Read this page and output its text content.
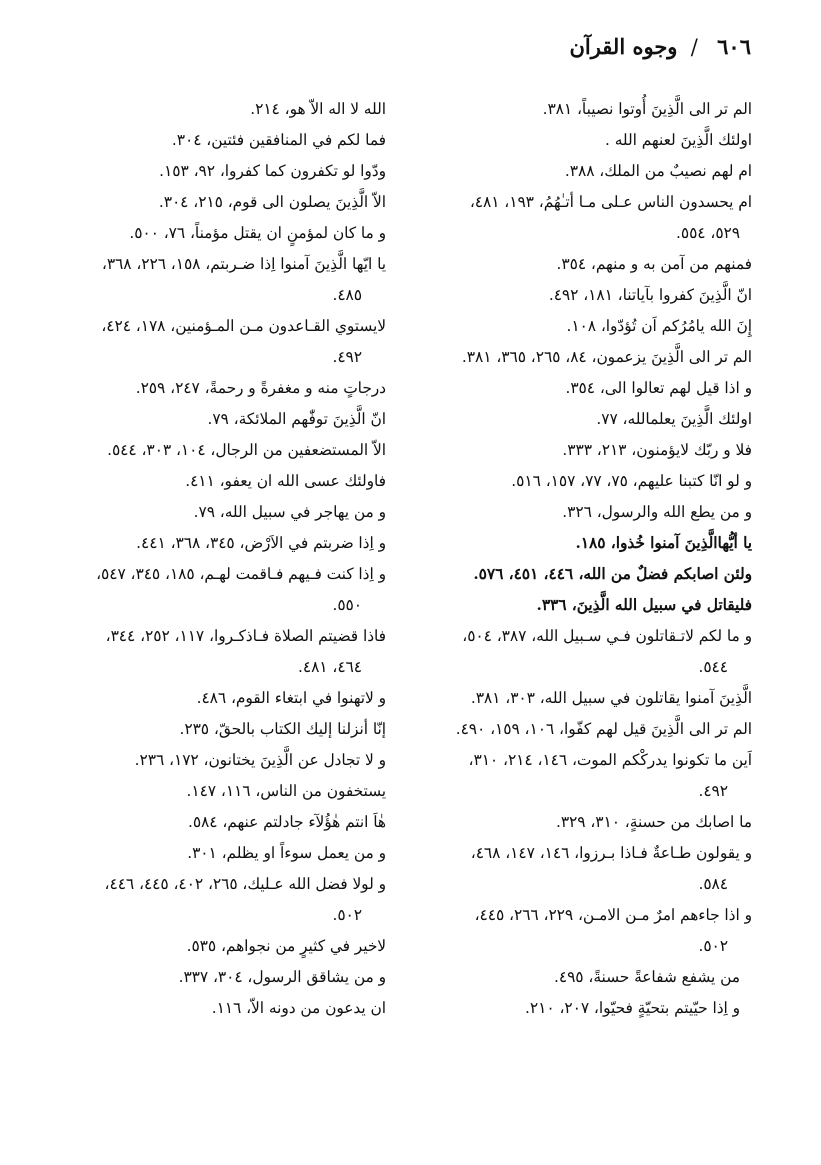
٦٠٦ / وجوه القرآن
الم تر الى الَّذِينَ أُوتوا نصيباً، ٣٨١.
اولئك الَّذِينَ لعنهم الله .
ام لهم نصيبٌ من الملك، ٣٨٨.
ام يحسدون الناس عـلى مـا أتـٰهُمُ، ١٩٣، ٤٨١،
٥٢٩، ٥٥٤.
فمنهم من آمن به و منهم، ٣٥٤.
انّ الَّذِينَ كفروا بآياتنا، ١٨١، ٤٩٢.
إِنَ الله يامُرُكم اَن تُؤدّوا، ١٠٨.
الم تر الى الَّذِينَ يزعمون، ٨٤، ٢٦٥، ٣٦٥، ٣٨١.
و اذا قيل لهم تعالوا الى، ٣٥٤.
اولئك الَّذِينَ يعلمالله، ٧٧.
فلا و ربّك لايؤمنون، ٢١٣، ٣٣٣.
و لو انّا كتبنا عليهم، ٧٥، ٧٧، ١٥٧، ٥١٦.
و من يطع الله والرسول، ٣٢٦.
يا أيُّهاالَّذِينَ آمنوا خُذوا، ١٨٥.
ولئن اصابكم فضلٌ من الله، ٤٤٦، ٤٥١، ٥٧٦.
فليقاتل في سبيل الله الَّذِينَ، ٣٣٦.
و ما لكم لاتـقاتلون فـي سـبيل الله، ٣٨٧، ٥٠٤،
٥٤٤.
الَّذِينَ آمنوا يقاتلون في سبيل الله، ٣٠٣، ٣٨١.
الم تر الى الَّذِينَ قيل لهم كفّوا، ١٠٦، ١٥٩، ٤٩٠.
اَين ما تكونوا يدركْكم الموت، ١٤٦، ٢١٤، ٣١٠،
٤٩٢.
ما اصابك من حسنةٍ، ٣١٠، ٣٢٩.
و يقولون طـاعةٌ فـاذا بـرزوا، ١٤٦، ١٤٧، ٤٦٨،
٥٨٤.
و اذا جاءهم امرٌ مـن الامـن، ٢٢٩، ٢٦٦، ٤٤٥،
٥٠٢.
من يشفع شفاعةً حسنةً، ٤٩٥.
و اِذا حيّيتم بتحيّةٍ فحيّوا، ٢٠٧، ٢١٠.
الله لا اله الاّ هو، ٢١٤.
فما لكم في المنافقين فئتين، ٣٠٤.
ودّوا لو تكفرون كما كفروا، ٩٢، ١٥٣.
الاّ الَّذِينَ يصلون الى قوم، ٢١٥، ٣٠٤.
و ما كان لمؤمنٍ ان يقتل مؤمناً، ٧٦، ٥٠٠.
يا ايّها الَّذِينَ آمنوا اِذا ضـربتم، ١٥٨، ٢٢٦، ٣٦٨،
٤٨٥.
لايستوي القـاعدون مـن المـؤمنين، ١٧٨، ٤٢٤،
٤٩٢.
درجاتٍ منه و مغفرةً و رحمةً، ٢٤٧، ٢٥٩.
انّ الَّذِينَ توفّٰهم الملائكة، ٧٩.
الاّ المستضعفين من الرجال، ١٠٤، ٣٠٣، ٥٤٤.
فاولئك عسى الله ان يعفو، ٤١١.
و من يهاجر في سبيل الله، ٧٩.
و اِذا ضربتم في الاَرْض، ٣٤٥، ٣٦٨، ٤٤١.
و اِذا كنت فـيهم فـاقمت لهـم، ١٨٥، ٣٤٥، ٥٤٧،
٥٥٠.
فاذا قضيتم الصلاة فـاذكـروا، ١١٧، ٢٥٢، ٣٤٤،
٤٦٤، ٤٨١.
و لاتهنوا في ابتغاء القوم، ٤٨٦.
إنّا أنزلنا إليك الكتاب بالحقّ، ٢٣٥.
و لا تجادل عن الَّذِينَ يختانون، ١٧٢، ٢٣٦.
يستخفون من الناس، ١١٦، ١٤٧.
هٰاَ انتم هٰؤُلآء جادلتم عنهم، ٥٨٤.
و من يعمل سوءاً او يظلم، ٣٠١.
و لولا فضل الله عـليك، ٢٦٥، ٤٠٢، ٤٤٥، ٤٤٦،
٥٠٢.
لاخير في كثيرٍ من نجواهم، ٥٣٥.
و من يشاقق الرسول، ٣٠٤، ٣٣٧.
ان يدعون من دونه الاّ، ١١٦.
